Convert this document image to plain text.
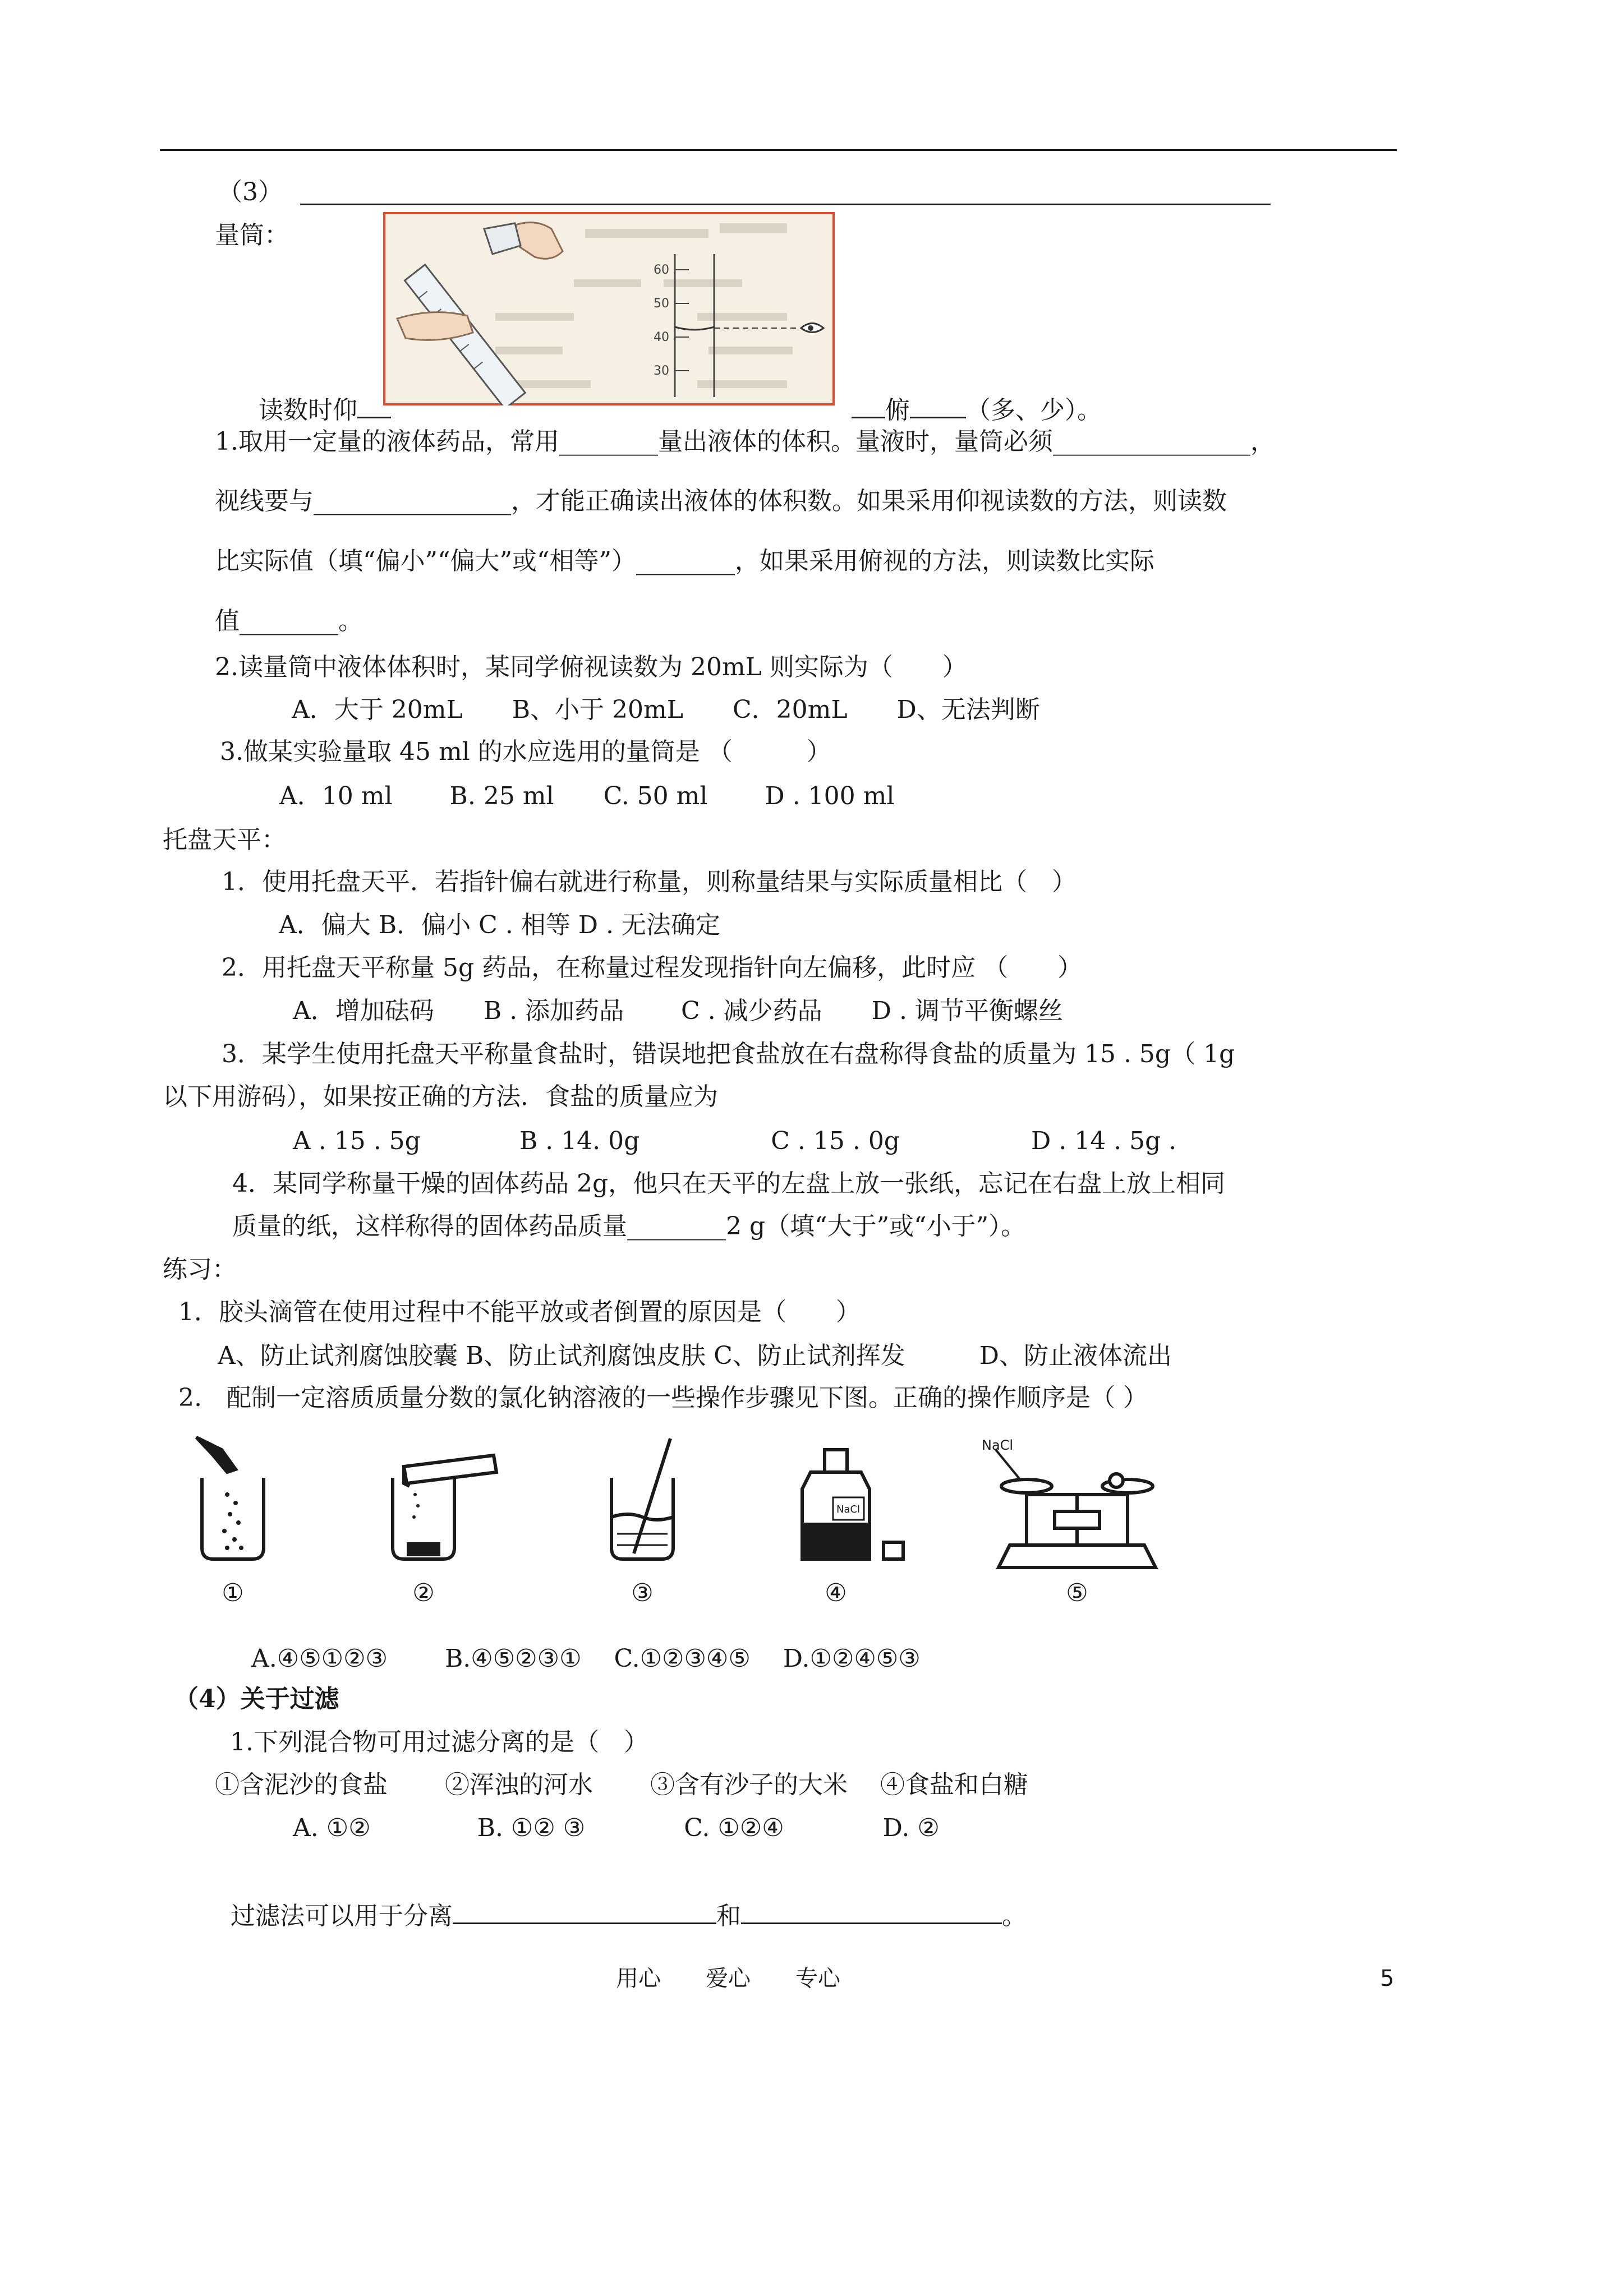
（3）
量筒：
60
50
40
30

读数时仰	俯 （多、少）。

1.取用一定量的液体药品，常用________量出液体的体积。量液时，量筒必须________________，
视线要与________________，才能正确读出液体的体积数。如果采用仰视读数的方法，则读数
比实际值（填“偏小”“偏大”或“相等”）________，如果采用俯视的方法，则读数比实际
值________。
2.读量筒中液体体积时，某同学俯视读数为 20mL 则实际为（　　）
A．大于 20mL　　B、小于 20mL　　C．20mL　　D、无法判断
3.做某实验量取 45 ml 的水应选用的量筒是 （　　　）
A．10 ml　　 B. 25 ml　　C. 50 ml　　 D . 100 ml
托盘天平：
1．使用托盘天平．若指针偏右就进行称量，则称量结果与实际质量相比（　）
A．偏大 B．偏小 C . 相等 D . 无法确定
2．用托盘天平称量 5g 药品，在称量过程发现指针向左偏移，此时应 （　　）
A．增加砝码　　B . 添加药品　　 C . 减少药品　　D . 调节平衡螺丝
3．某学生使用托盘天平称量食盐时，错误地把食盐放在右盘称得食盐的质量为 15 . 5g（ 1g
以下用游码），如果按正确的方法．食盐的质量应为
A . 15 . 5g　　　　B . 14. 0g　　　　　 C . 15 . 0g　　　　　 D . 14 . 5g .
4．某同学称量干燥的固体药品 2g，他只在天平的左盘上放一张纸，忘记在右盘上放上相同
质量的纸，这样称得的固体药品质量________2 g（填“大于”或“小于”）。
练习：
1．胶头滴管在使用过程中不能平放或者倒置的原因是（　　）
A、防止试剂腐蚀胶囊 B、防止试剂腐蚀皮肤 C、防止试剂挥发　　　D、防止液体流出
2.　配制一定溶质质量分数的氯化钠溶液的一些操作步骤见下图。正确的操作顺序是（ ）
①	②	③
NaCl
④
NaCl
⑤
A.④⑤①②③　　 B.④⑤②③①　 C.①②③④⑤　 D.①②④⑤③
（4）关于过滤
1.下列混合物可用过滤分离的是（　）
①含泥沙的食盐　　 ②浑浊的河水　　 ③含有沙子的大米　 ④食盐和白糖
A. ①②　　　　 B. ①② ③　　　　C. ①②④　　　　D. ②

过滤法可以用于分离	和	。

用心　　爱心　　专心	5
